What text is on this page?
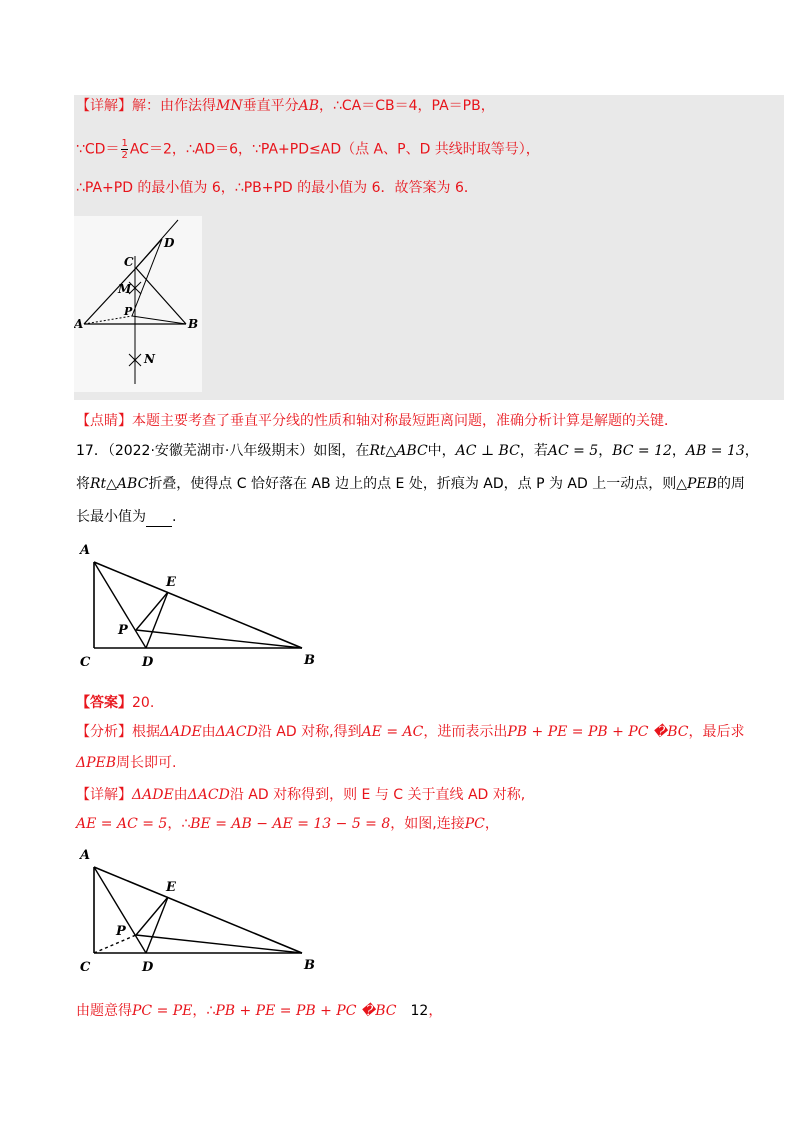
【详解】解：由作法得MN垂直平分AB，∴CA＝CB＝4，PA＝PB，
∵CD＝ $\frac{1}{2} AC=2$，∴AD＝6，∵PA+PD≤AD（点 A、P、D 共线时取等号），
∴PA+PD 的最小值为 6，∴PB+PD 的最小值为 6．故答案为 6．
A	B
C
D
M
N
P
【点睛】本题主要考查了垂直平分线的性质和轴对称最短距离问题，准确分析计算是解题的关键．
17．（2022·安徽芜湖市·八年级期末）如图，在Rt△ABC中，AC ⊥ BC，若AC = 5，BC = 12，AB = 13，
将Rt△ABC折叠，使得点 C 恰好落在 AB 边上的点 E 处，折痕为 AD，点 P 为 AD 上一动点，则△PEB的周
长最小值为 .
A
C	D
E
B
P
【答案】20.
【分析】根据ΔADE由ΔACD沿 AD 对称,得到AE = AC，进而表示出PB + PE = PB + PC �BC，最后求
ΔPEB周长即可.
【详解】ΔADE由ΔACD沿 AD 对称得到，则 E 与 C 关于直线 AD 对称,
AE = AC = 5，∴BE = AB − AE = 13 − 5 = 8，如图,连接PC，
A
C	D
E
B
P
由题意得PC = PE，∴PB + PE = PB + PC �BC 12，
